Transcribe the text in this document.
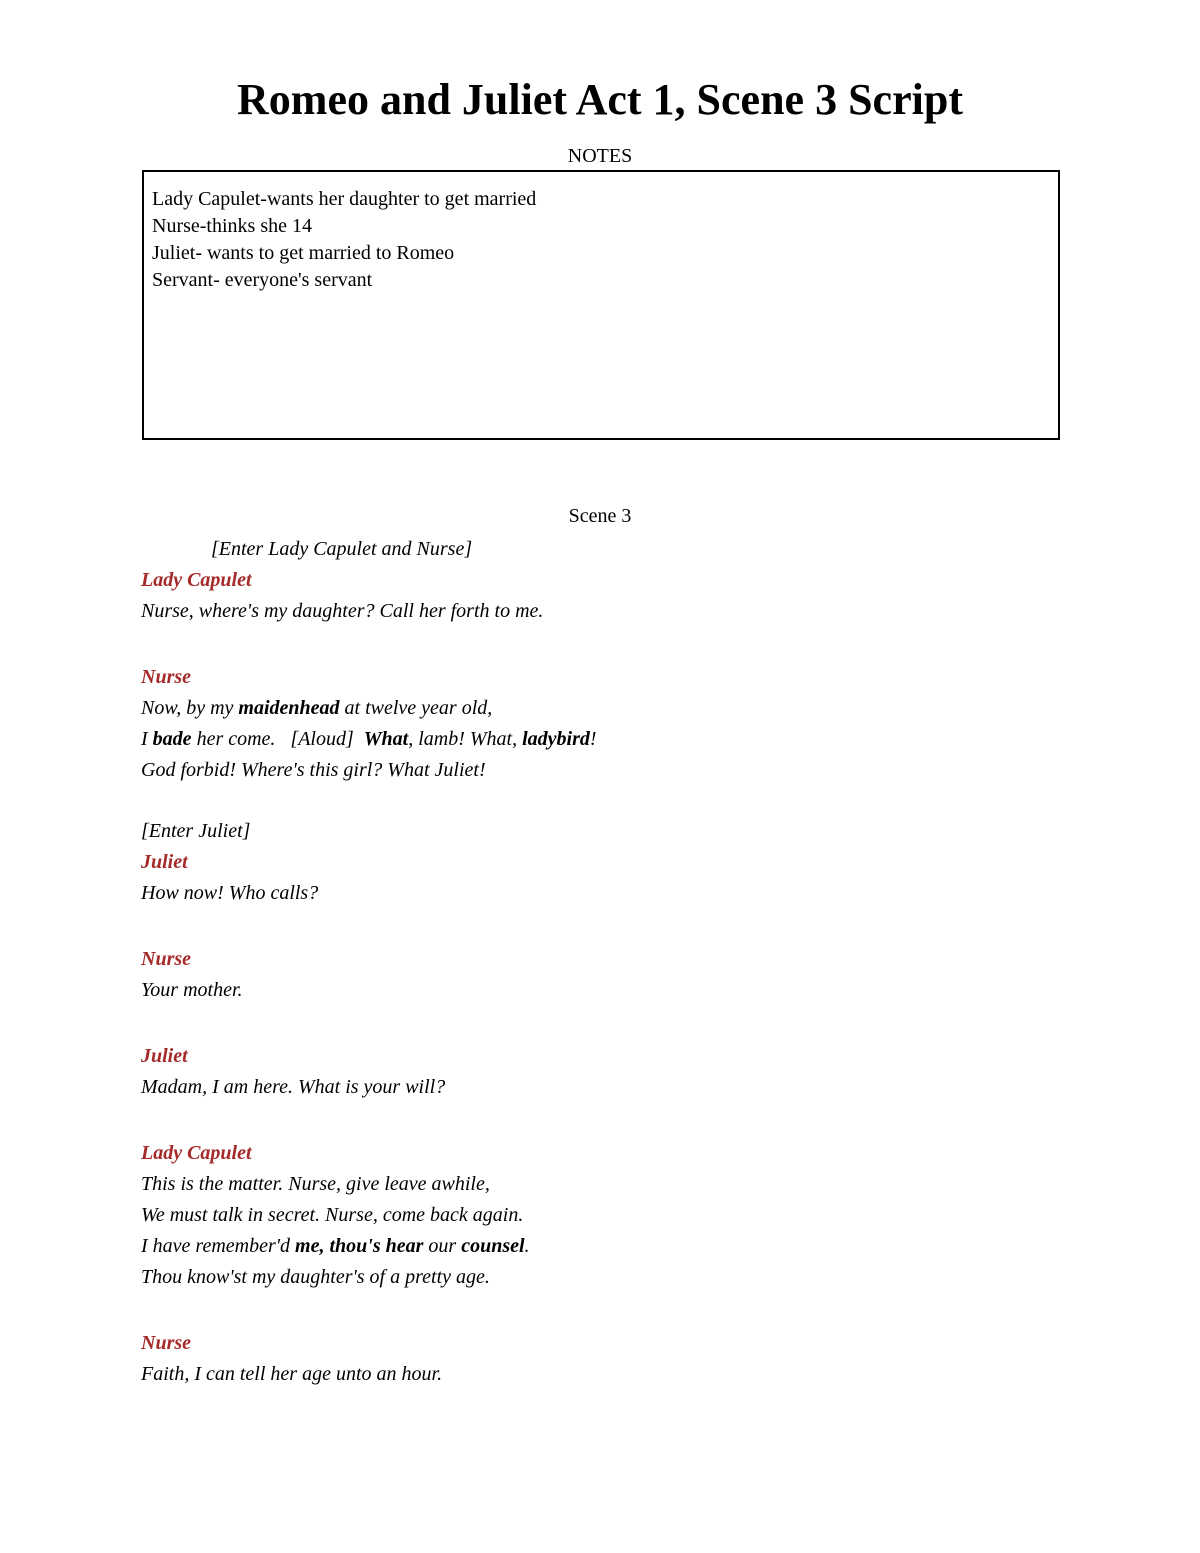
Romeo and Juliet Act 1, Scene 3 Script
NOTES
Lady Capulet-wants her daughter to get married
Nurse-thinks she 14
Juliet- wants to get married to Romeo
Servant- everyone's servant
Scene 3
[Enter Lady Capulet and Nurse]
Lady Capulet
Nurse, where's my daughter? Call her forth to me.
Nurse
Now, by my maidenhead at twelve year old,
I bade her come.   [Aloud]  What, lamb! What, ladybird!
God forbid! Where's this girl? What Juliet!
[Enter Juliet]
Juliet
How now! Who calls?
Nurse
Your mother.
Juliet
Madam, I am here. What is your will?
Lady Capulet
This is the matter. Nurse, give leave awhile,
We must talk in secret. Nurse, come back again.
I have remember'd me, thou's hear our counsel.
Thou know'st my daughter's of a pretty age.
Nurse
Faith, I can tell her age unto an hour.
